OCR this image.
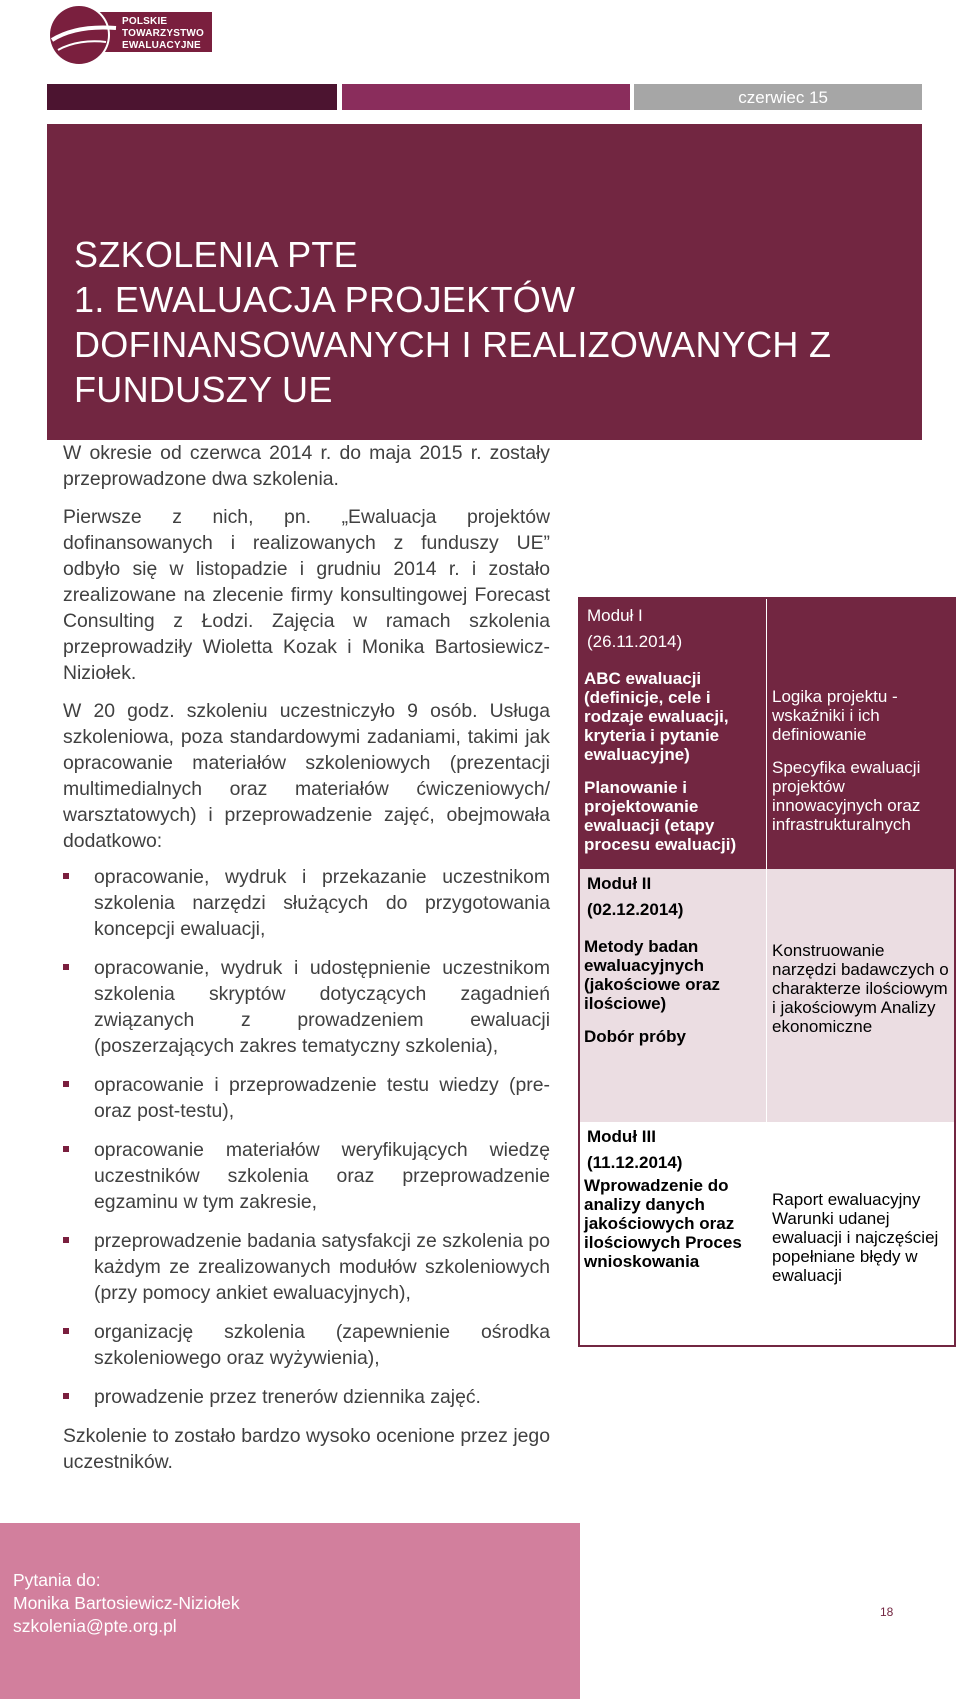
POLSKIE
TOWARZYSTWO
EWALUACYJNE
czerwiec 15
SZKOLENIA PTE
1. EWALUACJA PROJEKTÓW
DOFINANSOWANYCH I REALIZOWANYCH Z
FUNDUSZY UE

W okresie od czerwca 2014 r. do maja 2015 r. zostały przeprowadzone dwa szkolenia.

Pierwsze z nich, pn. „Ewaluacja projektów dofinansowanych i realizowanych z funduszy UE” odbyło się w listopadzie i grudniu 2014 r. i zostało zrealizowane na zlecenie firmy konsultingowej Forecast Consulting z Łodzi. Zajęcia w ramach szkolenia przeprowadziły Wioletta Kozak i Monika Bartosiewicz-Niziołek.

W 20 godz. szkoleniu uczestniczyło 9 osób. Usługa szkoleniowa, poza standardowymi zadaniami, takimi jak opracowanie materiałów szkoleniowych (prezentacji multimedialnych oraz materiałów ćwiczeniowych/ warsztatowych) i przeprowadzenie zajęć, obejmowała dodatkowo:

opracowanie, wydruk i przekazanie uczestnikom szkolenia narzędzi służących do przygotowania koncepcji ewaluacji,
opracowanie, wydruk i udostępnienie uczestnikom szkolenia skryptów dotyczących zagadnień związanych z prowadzeniem ewaluacji (poszerzających zakres tematyczny szkolenia),
opracowanie i przeprowadzenie testu wiedzy (pre- oraz post-testu),
opracowanie materiałów weryfikujących wiedzę uczestników szkolenia oraz przeprowadzenie egzaminu w tym zakresie,
przeprowadzenie badania satysfakcji ze szkolenia po każdym ze zrealizowanych modułów szkoleniowych (przy pomocy ankiet ewaluacyjnych),
organizację szkolenia (zapewnienie ośrodka szkoleniowego oraz wyżywienia),
prowadzenie przez trenerów dziennika zajęć.

Szkolenie to zostało bardzo wysoko ocenione przez jego uczestników.

Moduł I
(26.11.2014)
ABC ewaluacji (definicje, cele i rodzaje ewaluacji, kryteria i pytanie ewaluacyjne)
Planowanie i projektowanie ewaluacji (etapy procesu ewaluacji)
Logika projektu - wskaźniki i ich definiowanie
Specyfika ewaluacji projektów innowacyjnych oraz infrastrukturalnych
Moduł II
(02.12.2014)
Metody badan ewaluacyjnych (jakościowe oraz ilościowe)
Dobór próby
Konstruowanie narzędzi badawczych o charakterze ilościowym i jakościowym Analizy ekonomiczne
Moduł III
(11.12.2014)
Wprowadzenie do analizy danych jakościowych oraz ilościowych Proces wnioskowania
Raport ewaluacyjny Warunki udanej ewaluacji i najczęściej popełniane błędy w ewaluacji
Pytania do:
Monika Bartosiewicz-Niziołek
szkolenia@pte.org.pl
18
